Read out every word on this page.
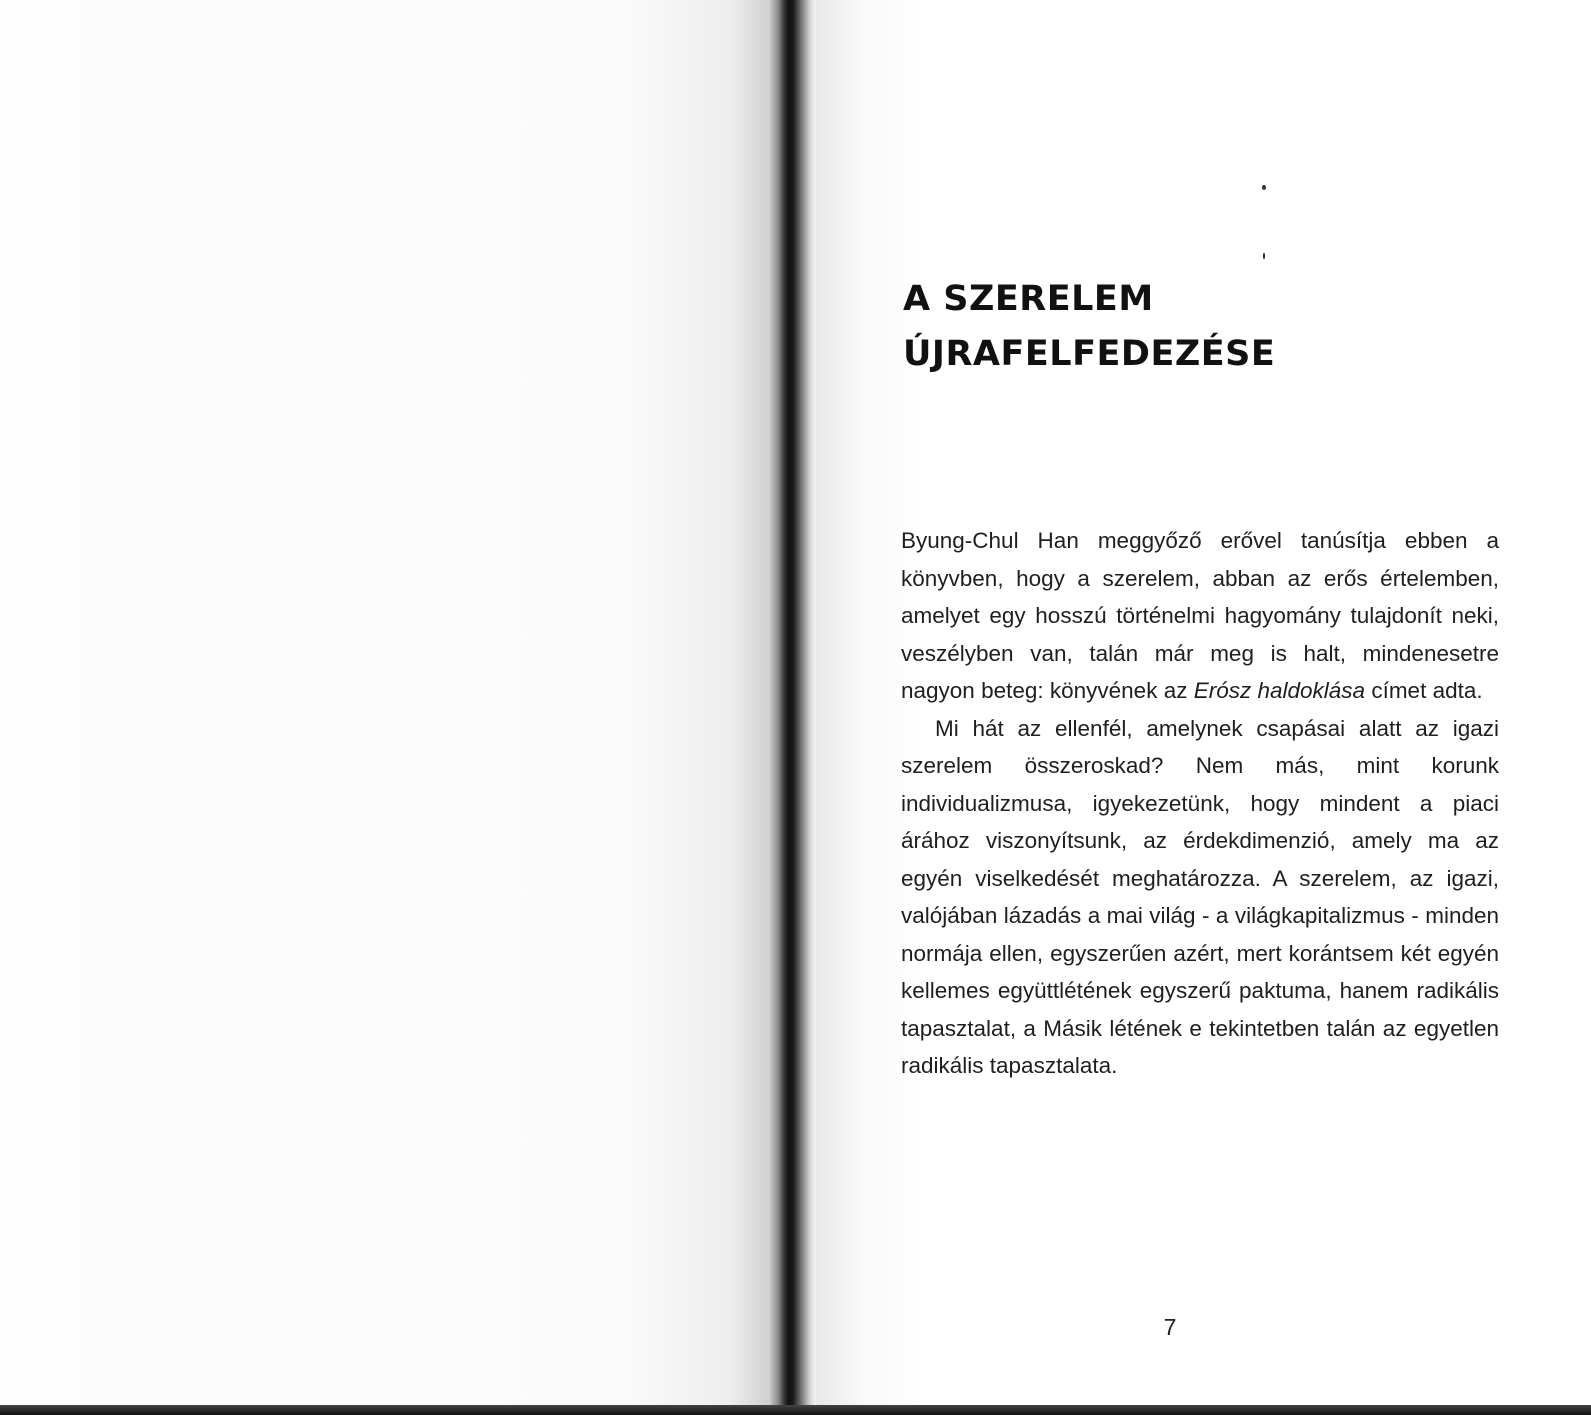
A SZERELEM
ÚJRAFELFEDEZÉSE

Byung-Chul Han meggyőző erővel tanúsítja ebben a könyvben, hogy a szerelem, abban az erős értelemben, amelyet egy hosszú történelmi hagyomány tulajdonít neki, veszélyben van, talán már meg is halt, mindenesetre nagyon beteg: könyvének az Erósz haldoklása címet adta.

Mi hát az ellenfél, amelynek csapásai alatt az igazi szerelem összeroskad? Nem más, mint korunk individualizmusa, igyekezetünk, hogy mindent a piaci árához viszonyítsunk, az érdekdimenzió, amely ma az egyén viselkedését meghatározza. A szerelem, az igazi, valójában lázadás a mai világ - a világkapitalizmus - minden normája ellen, egyszerűen azért, mert korántsem két egyén kellemes együttlétének egyszerű paktuma, hanem radikális tapasztalat, a Másik létének e tekintetben talán az egyetlen radikális tapasztalata.

7
